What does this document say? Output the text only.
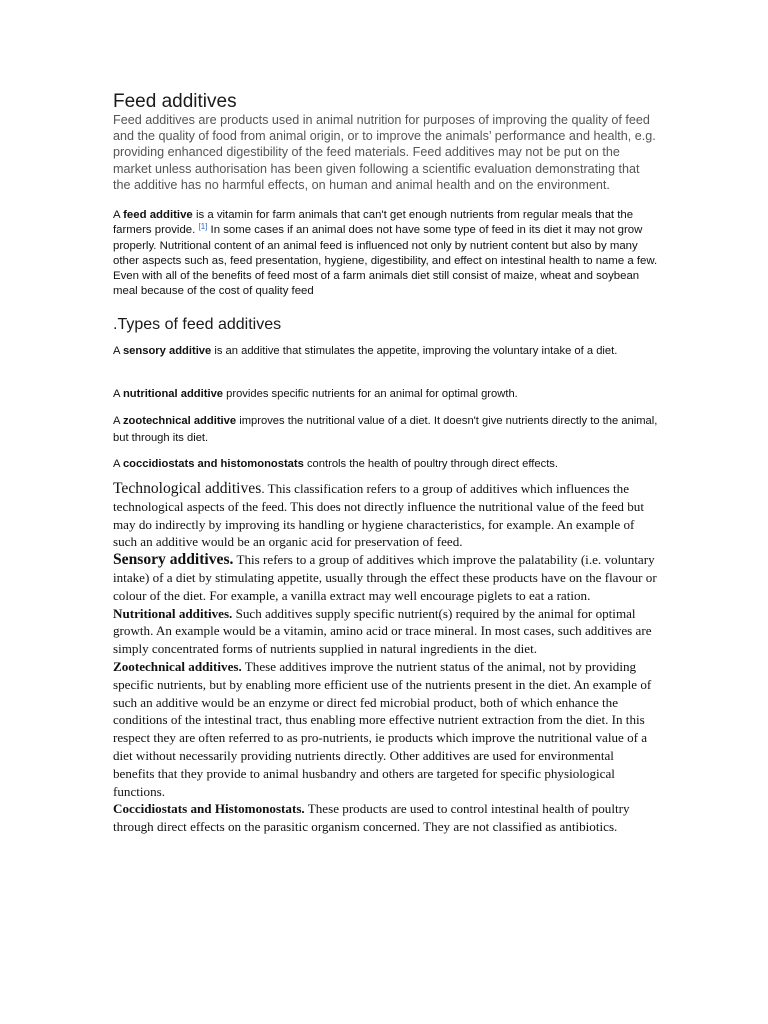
Feed additives

Feed additives are products used in animal nutrition for purposes of improving the quality of feed and the quality of food from animal origin, or to improve the animals’ performance and health, e.g. providing enhanced digestibility of the feed materials. Feed additives may not be put on the market unless authorisation has been given following a scientific evaluation demonstrating that the additive has no harmful effects, on human and animal health and on the environment.

A feed additive is a vitamin for farm animals that can't get enough nutrients from regular meals that the farmers provide. [1] In some cases if an animal does not have some type of feed in its diet it may not grow properly. Nutritional content of an animal feed is influenced not only by nutrient content but also by many other aspects such as, feed presentation, hygiene, digestibility, and effect on intestinal health to name a few. Even with all of the benefits of feed most of a farm animals diet still consist of maize, wheat and soybean meal because of the cost of quality feed

.Types of feed additives

A sensory additive is an additive that stimulates the appetite, improving the voluntary intake of a diet.

A nutritional additive provides specific nutrients for an animal for optimal growth.

A zootechnical additive improves the nutritional value of a diet. It doesn't give nutrients directly to the animal, but through its diet.

A coccidiostats and histomonostats controls the health of poultry through direct effects.

Technological additives. This classification refers to a group of additives which influences the technological aspects of the feed. This does not directly influence the nutritional value of the feed but may do indirectly by improving its handling or hygiene characteristics, for example. An example of such an additive would be an organic acid for preservation of feed.

Sensory additives. This refers to a group of additives which improve the palatability (i.e. voluntary intake) of a diet by stimulating appetite, usually through the effect these products have on the flavour or colour of the diet. For example, a vanilla extract may well encourage piglets to eat a ration.

Nutritional additives. Such additives supply specific nutrient(s) required by the animal for optimal growth. An example would be a vitamin, amino acid or trace mineral. In most cases, such additives are simply concentrated forms of nutrients supplied in natural ingredients in the diet.

Zootechnical additives. These additives improve the nutrient status of the animal, not by providing specific nutrients, but by enabling more efficient use of the nutrients present in the diet. An example of such an additive would be an enzyme or direct fed microbial product, both of which enhance the conditions of the intestinal tract, thus enabling more effective nutrient extraction from the diet. In this respect they are often referred to as pro-nutrients, ie products which improve the nutritional value of a diet without necessarily providing nutrients directly. Other additives are used for environmental benefits that they provide to animal husbandry and others are targeted for specific physiological functions.

Coccidiostats and Histomonostats. These products are used to control intestinal health of poultry through direct effects on the parasitic organism concerned. They are not classified as antibiotics.
